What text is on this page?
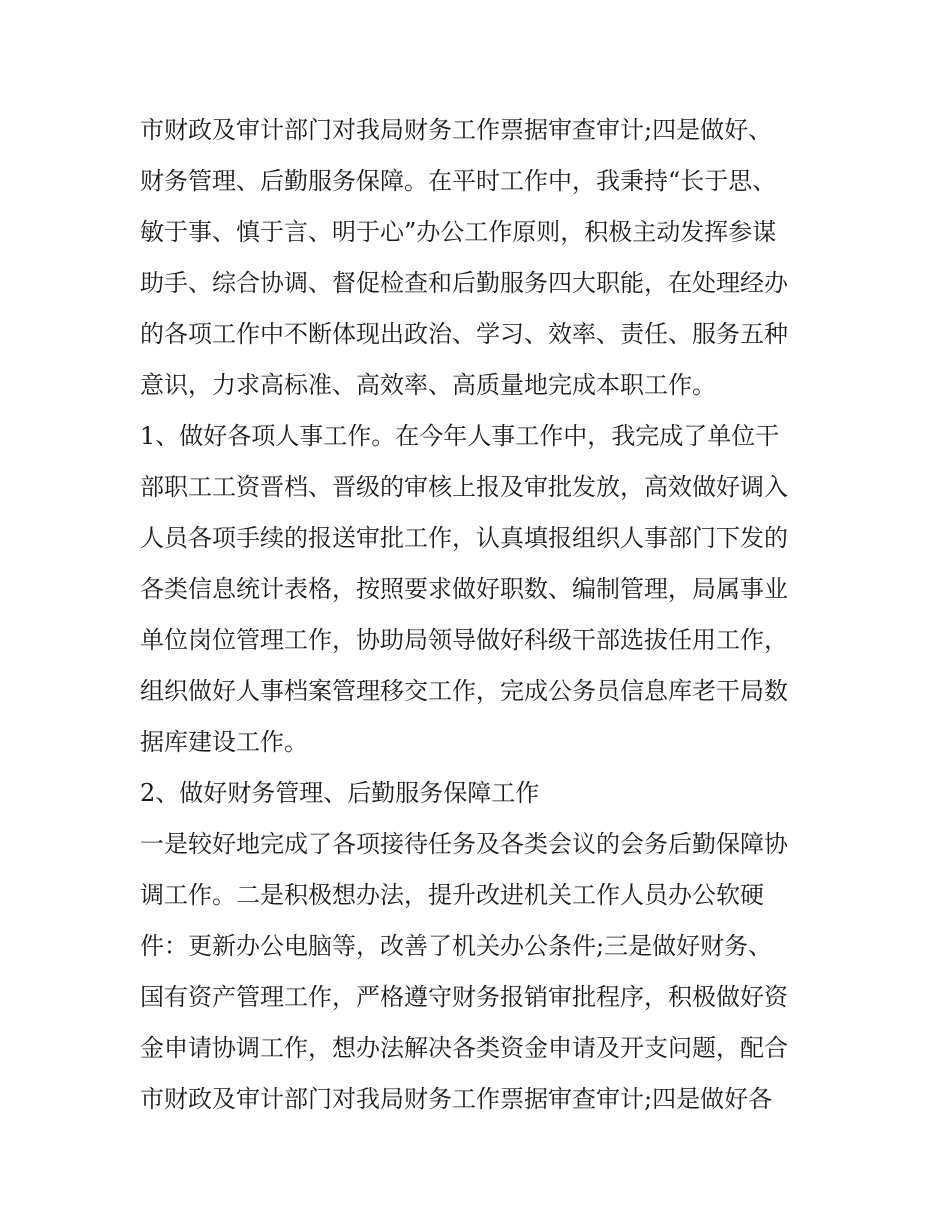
市财政及审计部门对我局财务工作票据审查审计;四是做好、
财务管理、后勤服务保障。在平时工作中，我秉持“长于思、
敏于事、慎于言、明于心”办公工作原则，积极主动发挥参谋
助手、综合协调、督促检查和后勤服务四大职能，在处理经办
的各项工作中不断体现出政治、学习、效率、责任、服务五种
意识，力求高标准、高效率、高质量地完成本职工作。
1、做好各项人事工作。在今年人事工作中，我完成了单位干
部职工工资晋档、晋级的审核上报及审批发放，高效做好调入
人员各项手续的报送审批工作，认真填报组织人事部门下发的
各类信息统计表格，按照要求做好职数、编制管理，局属事业
单位岗位管理工作，协助局领导做好科级干部选拔任用工作，
组织做好人事档案管理移交工作，完成公务员信息库老干局数
据库建设工作。
2、做好财务管理、后勤服务保障工作
一是较好地完成了各项接待任务及各类会议的会务后勤保障协
调工作。二是积极想办法，提升改进机关工作人员办公软硬
件：更新办公电脑等，改善了机关办公条件;三是做好财务、
国有资产管理工作，严格遵守财务报销审批程序，积极做好资
金申请协调工作，想办法解决各类资金申请及开支问题，配合
市财政及审计部门对我局财务工作票据审查审计;四是做好各
